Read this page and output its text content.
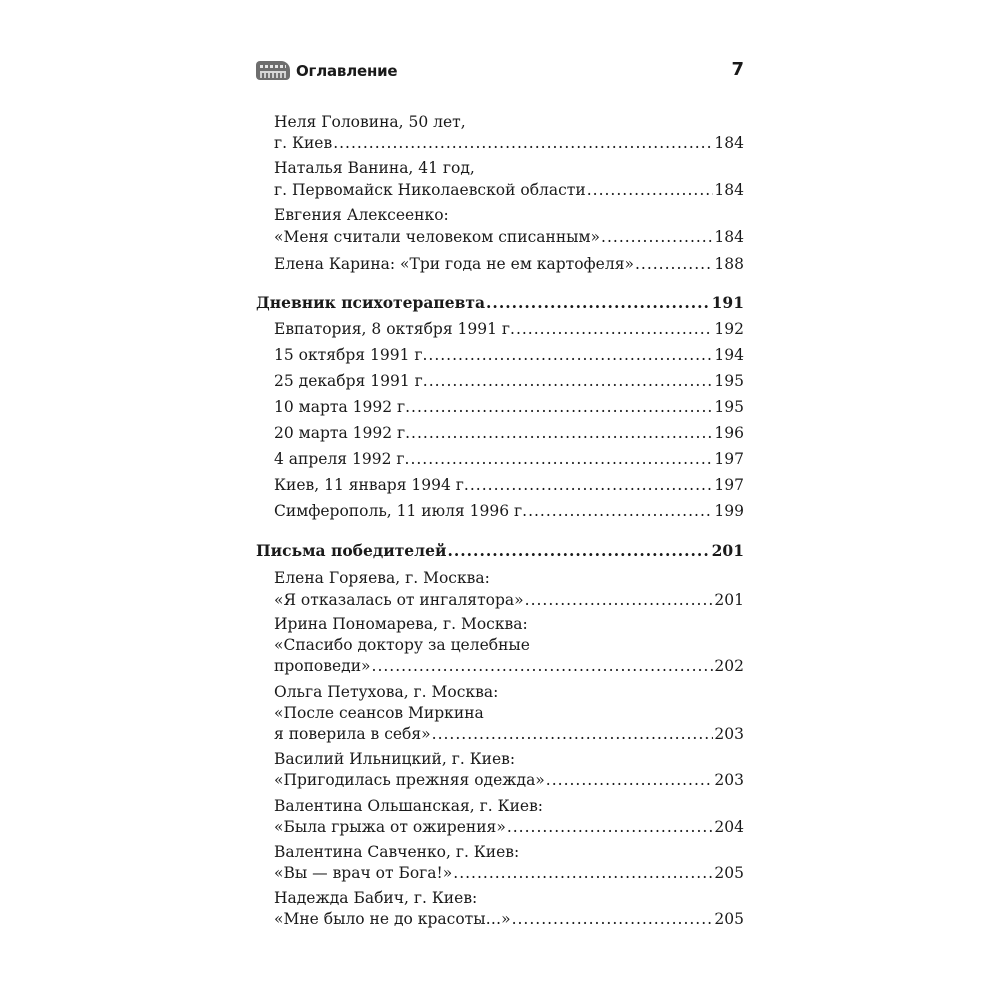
Оглавление	7
Неля Головина, 50 лет,
г. Киев .....	184
Наталья Ванина, 41 год,
г. Первомайск Николаевской области .....	184
Евгения Алексеенко:
«Меня считали человеком списанным» .....	184
Елена Карина: «Три года не ем картофеля» .....	188
Дневник психотерапевта .....	191
Евпатория, 8 октября 1991 г. .....	192
15 октября 1991 г. .....	194
25 декабря 1991 г. .....	195
10 марта 1992 г. .....	195
20 марта 1992 г. .....	196
4 апреля 1992 г. .....	197
Киев, 11 января 1994 г. .....	197
Симферополь, 11 июля 1996 г. .....	199
Письма победителей .....	201
Елена Горяева, г. Москва:
«Я отказалась от ингалятора» .....	201
Ирина Пономарева, г. Москва:
«Спасибо доктору за целебные
проповеди» .....	202
Ольга Петухова, г. Москва:
«После сеансов Миркина
я поверила в себя» .....	203
Василий Ильницкий, г. Киев:
«Пригодилась прежняя одежда» .....	203
Валентина Ольшанская, г. Киев:
«Была грыжа от ожирения» .....	204
Валентина Савченко, г. Киев:
«Вы — врач от Бога!» .....	205
Надежда Бабич, г. Киев:
«Мне было не до красоты…» .....	205
